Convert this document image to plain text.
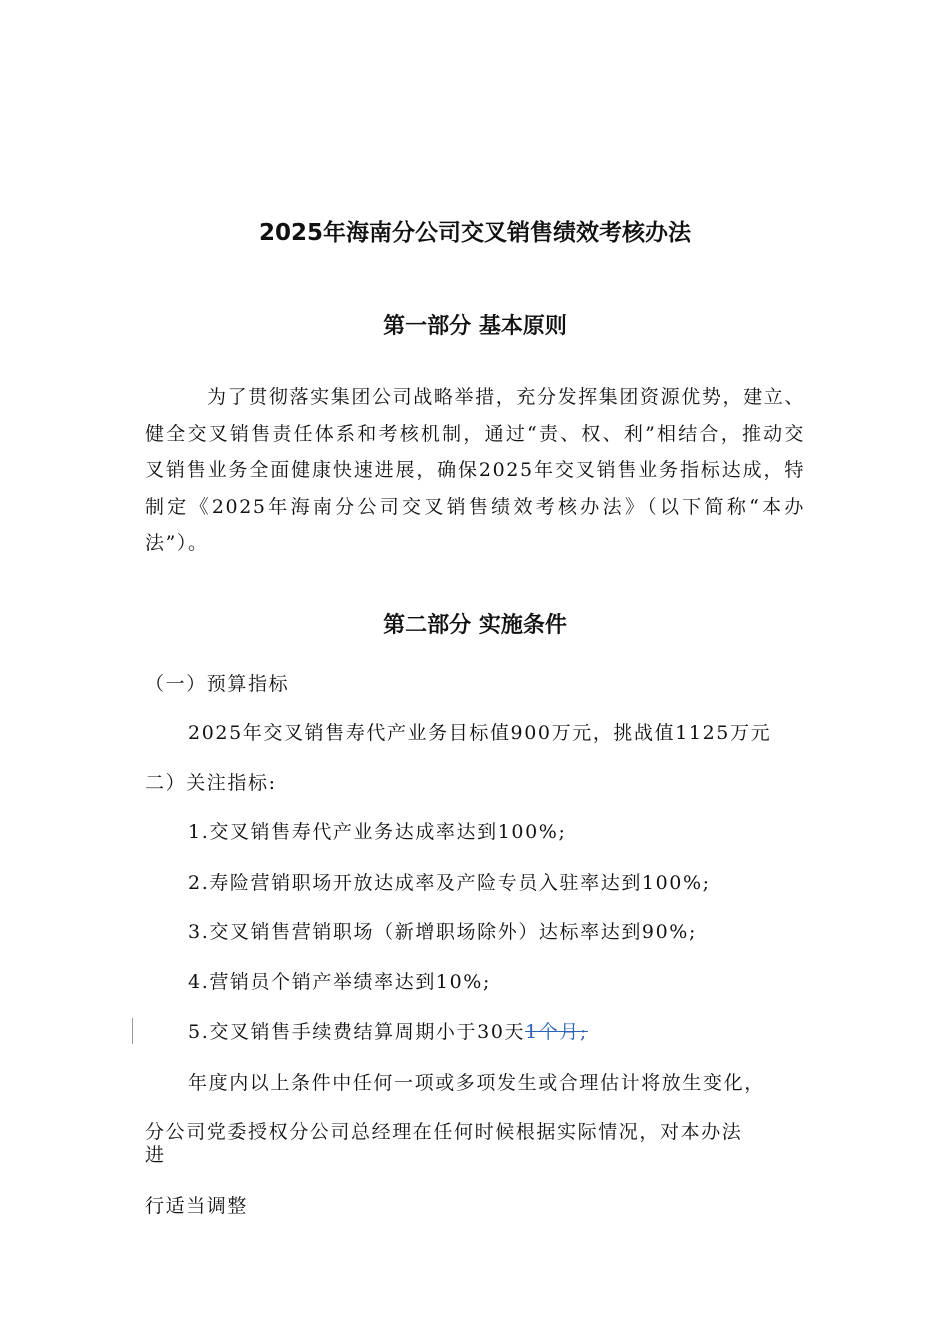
2025年海南分公司交叉销售绩效考核办法
第一部分 基本原则
为了贯彻落实集团公司战略举措，充分发挥集团资源优势，建立、健全交叉销售责任体系和考核机制，通过“责、权、利”相结合，推动交叉销售业务全面健康快速进展，确保2025年交叉销售业务指标达成，特制定《2025年海南分公司交叉销售绩效考核办法》（以下简称“本办法”）。
第二部分 实施条件
（一）预算指标
2025年交叉销售寿代产业务目标值900万元，挑战值1125万元
二）关注指标:
1.交叉销售寿代产业务达成率达到100%;
2.寿险营销职场开放达成率及产险专员入驻率达到100%;
3.交叉销售营销职场（新增职场除外）达标率达到90%;
4.营销员个销产举绩率达到10%;
5.交叉销售手续费结算周期小于30天1个月;
年度内以上条件中任何一项或多项发生或合理估计将放生变化，
分公司党委授权分公司总经理在任何时候根据实际情况，对本办法
进
行适当调整
